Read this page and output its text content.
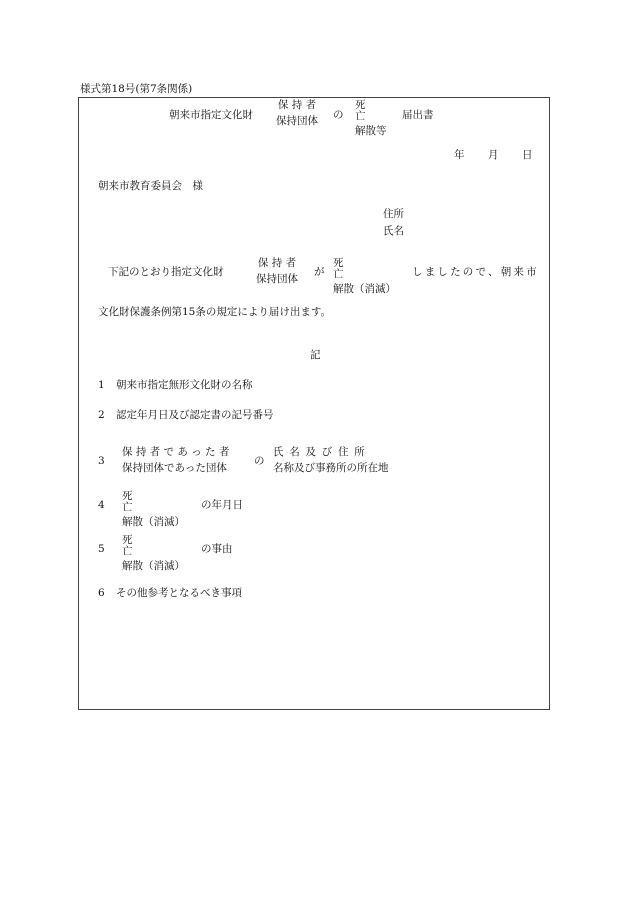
様式第18号(第7条関係)
朝来市指定文化財
保 持 者
保持団体	の
死
亡
解散等
届出書
年 月 日
朝来市教育委員会　様
住所
氏名
下記のとおり指定文化財
保 持 者
保持団体
が
死
亡
解散（消滅）
しましたので、朝来市
文化財保護条例第15条の規定により届け出ます。
記
1 朝来市指定無形文化財の名称
2 認定年月日及び認定書の記号番号
3
保 持 者 で あ っ た 者
保持団体であった団体
の
氏 名 及 び 住 所
名称及び事務所の所在地
4
死
亡
解散（消滅）
の年月日
5
死
亡
解散（消滅）
の事由
6 その他参考となるべき事項
